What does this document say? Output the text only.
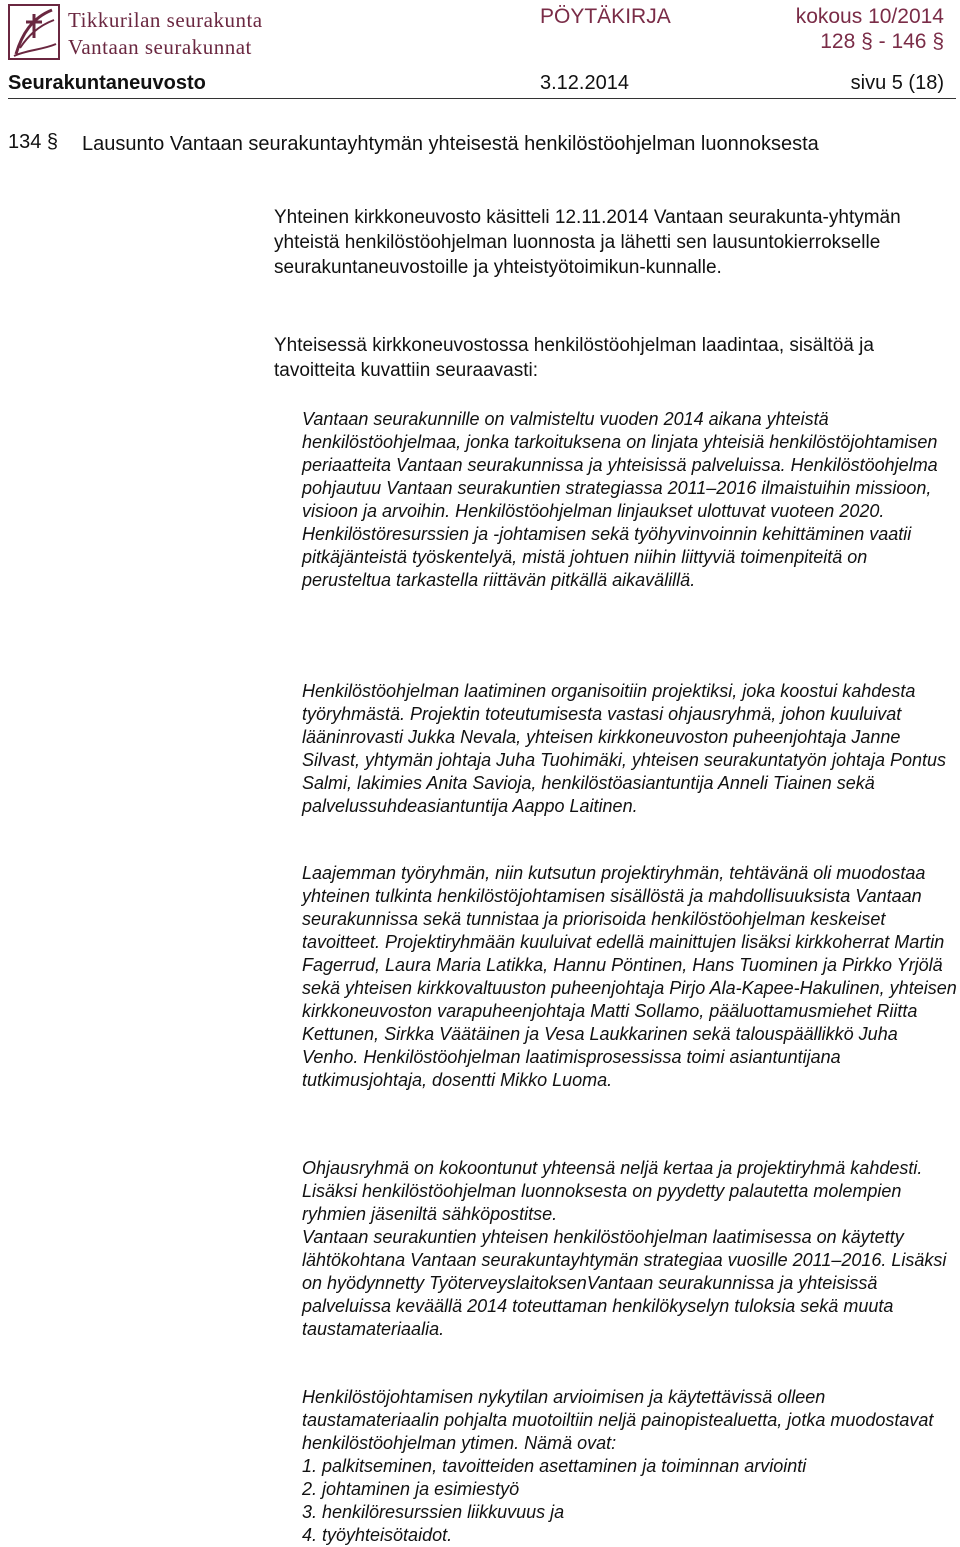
Tikkurilan seurakunta
Vantaan seurakunnat
PÖYTÄKIRJA	kokous 10/2014
128 § - 146 §
Seurakuntaneuvosto	3.12.2014	sivu 5 (18)
134 § Lausunto Vantaan seurakuntayhtymän yhteisestä henkilöstöohjelman luonnoksesta

Yhteinen kirkkoneuvosto käsitteli 12.11.2014 Vantaan seurakunta-yhtymän yhteistä henkilöstöohjelman luonnosta ja lähetti sen lausuntokierrokselle seurakuntaneuvostoille ja yhteistyötoimikun-kunnalle.

Yhteisessä kirkkoneuvostossa henkilöstöohjelman laadintaa, sisältöä ja tavoitteita kuvattiin seuraavasti:

Vantaan seurakunnille on valmisteltu vuoden 2014 aikana yhteistä henkilöstöohjelmaa, jonka tarkoituksena on linjata yhteisiä henkilöstöjohtamisen periaatteita Vantaan seurakunnissa ja yhteisissä palveluissa. Henkilöstöohjelma pohjautuu Vantaan seurakuntien strategiassa 2011–2016 ilmaistuihin missioon, visioon ja arvoihin. Henkilöstöohjelman linjaukset ulottuvat vuoteen 2020. Henkilöstöresurssien ja -johtamisen sekä työhyvinvoinnin kehittäminen vaatii pitkäjänteistä työskentelyä, mistä johtuen niihin liittyviä toimenpiteitä on perusteltua tarkastella riittävän pitkällä aikavälillä.

Henkilöstöohjelman laatiminen organisoitiin projektiksi, joka koostui kahdesta työryhmästä. Projektin toteutumisesta vastasi ohjausryhmä, johon kuuluivat lääninrovasti Jukka Nevala, yhteisen kirkkoneuvoston puheenjohtaja Janne Silvast, yhtymän johtaja Juha Tuohimäki, yhteisen seurakuntatyön johtaja Pontus Salmi, lakimies Anita Savioja, henkilöstöasiantuntija Anneli Tiainen sekä palvelussuhdeasiantuntija Aappo Laitinen.

Laajemman työryhmän, niin kutsutun projektiryhmän, tehtävänä oli muodostaa yhteinen tulkinta henkilöstöjohtamisen sisällöstä ja mahdollisuuksista Vantaan seurakunnissa sekä tunnistaa ja priorisoida henkilöstöohjelman keskeiset tavoitteet. Projektiryhmään kuuluivat edellä mainittujen lisäksi kirkkoherrat Martin Fagerrud, Laura Maria Latikka, Hannu Pöntinen, Hans Tuominen ja Pirkko Yrjölä sekä yhteisen kirkkovaltuuston puheenjohtaja Pirjo Ala-Kapee-Hakulinen, yhteisen kirkkoneuvoston varapuheenjohtaja Matti Sollamo, pääluottamusmiehet Riitta Kettunen, Sirkka Väätäinen ja Vesa Laukkarinen sekä talouspäällikkö Juha Venho. Henkilöstöohjelman laatimisprosessissa toimi asiantuntijana tutkimusjohtaja, dosentti Mikko Luoma.

Ohjausryhmä on kokoontunut yhteensä neljä kertaa ja projektiryhmä kahdesti. Lisäksi henkilöstöohjelman luonnoksesta on pyydetty palautetta molempien ryhmien jäseniltä sähköpostitse.

Vantaan seurakuntien yhteisen henkilöstöohjelman laatimisessa on käytetty lähtökohtana Vantaan seurakuntayhtymän strategiaa vuosille 2011–2016. Lisäksi on hyödynnetty TyöterveyslaitoksenVantaan seurakunnissa ja yhteisissä palveluissa keväällä 2014 toteuttaman henkilökyselyn tuloksia sekä muuta taustamateriaalia.

Henkilöstöjohtamisen nykytilan arvioimisen ja käytettävissä olleen taustamateriaalin pohjalta muotoiltiin neljä painopistealuetta, jotka muodostavat henkilöstöohjelman ytimen. Nämä ovat:

1. palkitseminen, tavoitteiden asettaminen ja toiminnan arviointi
2. johtaminen ja esimiestyö
3. henkilöresurssien liikkuvuus ja
4. työyhteisötaidot.
